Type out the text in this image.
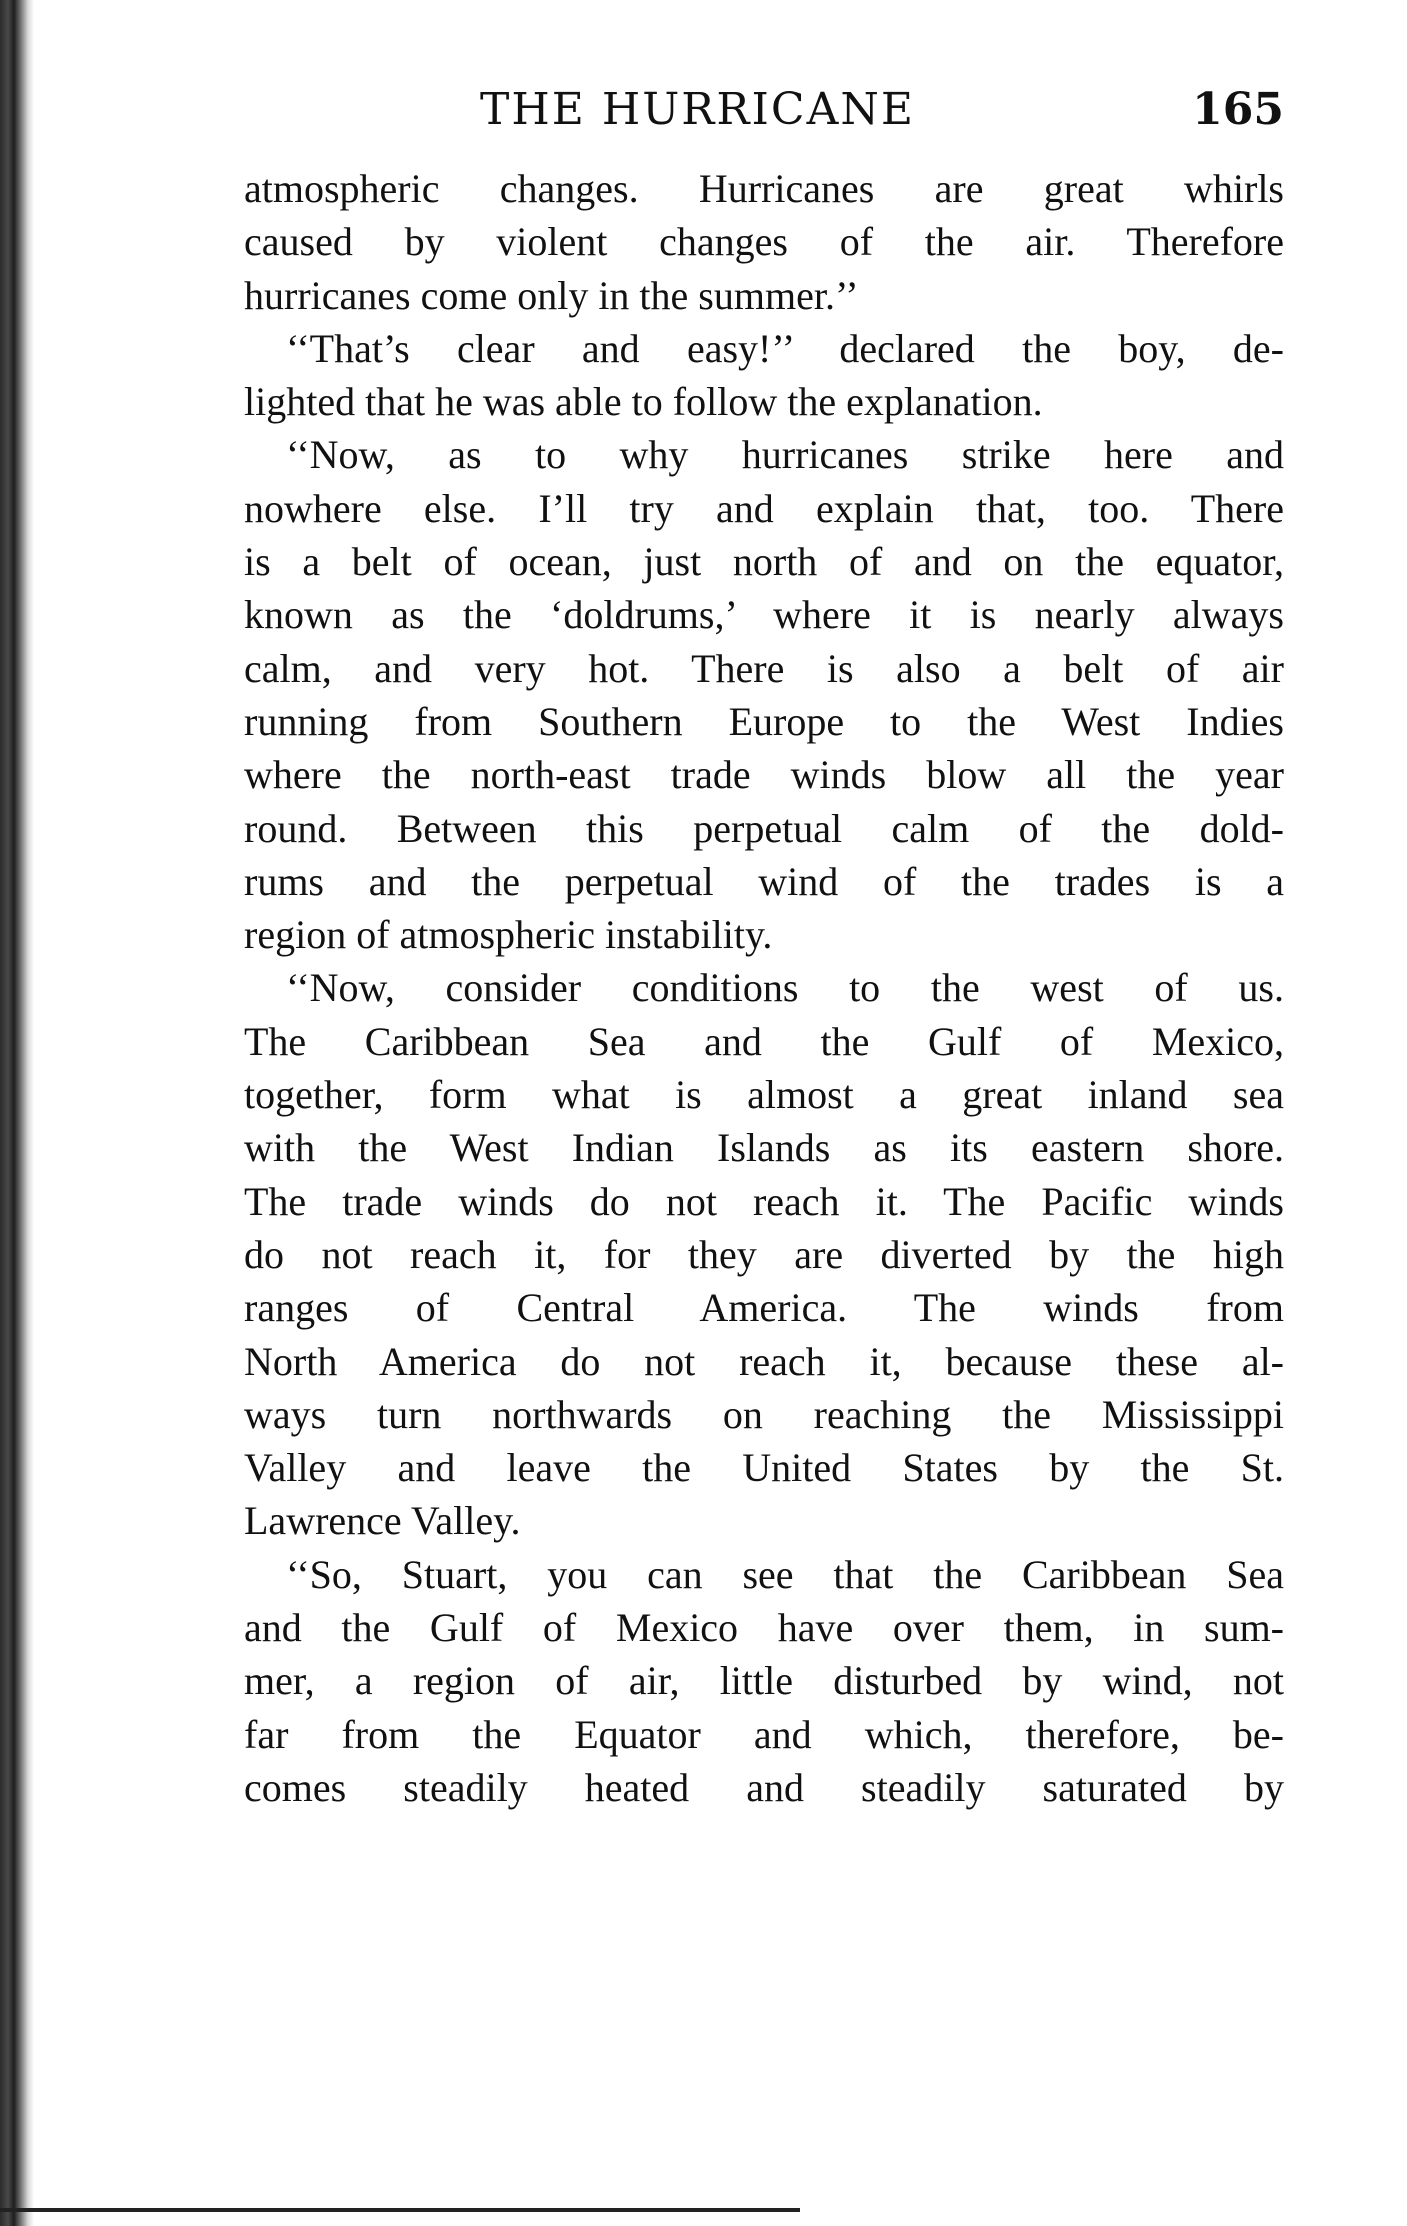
THE HURRICANE	165
atmospheric changes. Hurricanes are great whirls
caused by violent changes of the air. Therefore
hurricanes come only in the summer.’’
‘‘That’s clear and easy!’’ declared the boy, de-
lighted that he was able to follow the explanation.
‘‘Now, as to why hurricanes strike here and
nowhere else. I’ll try and explain that, too. There
is a belt of ocean, just north of and on the equator,
known as the ‘doldrums,’ where it is nearly always
calm, and very hot. There is also a belt of air
running from Southern Europe to the West Indies
where the north-east trade winds blow all the year
round. Between this perpetual calm of the dold-
rums and the perpetual wind of the trades is a
region of atmospheric instability.
‘‘Now, consider conditions to the west of us.
The Caribbean Sea and the Gulf of Mexico,
together, form what is almost a great inland sea
with the West Indian Islands as its eastern shore.
The trade winds do not reach it. The Pacific winds
do not reach it, for they are diverted by the high
ranges of Central America. The winds from
North America do not reach it, because these al-
ways turn northwards on reaching the Mississippi
Valley and leave the United States by the St.
Lawrence Valley.
‘‘So, Stuart, you can see that the Caribbean Sea
and the Gulf of Mexico have over them, in sum-
mer, a region of air, little disturbed by wind, not
far from the Equator and which, therefore, be-
comes steadily heated and steadily saturated by
